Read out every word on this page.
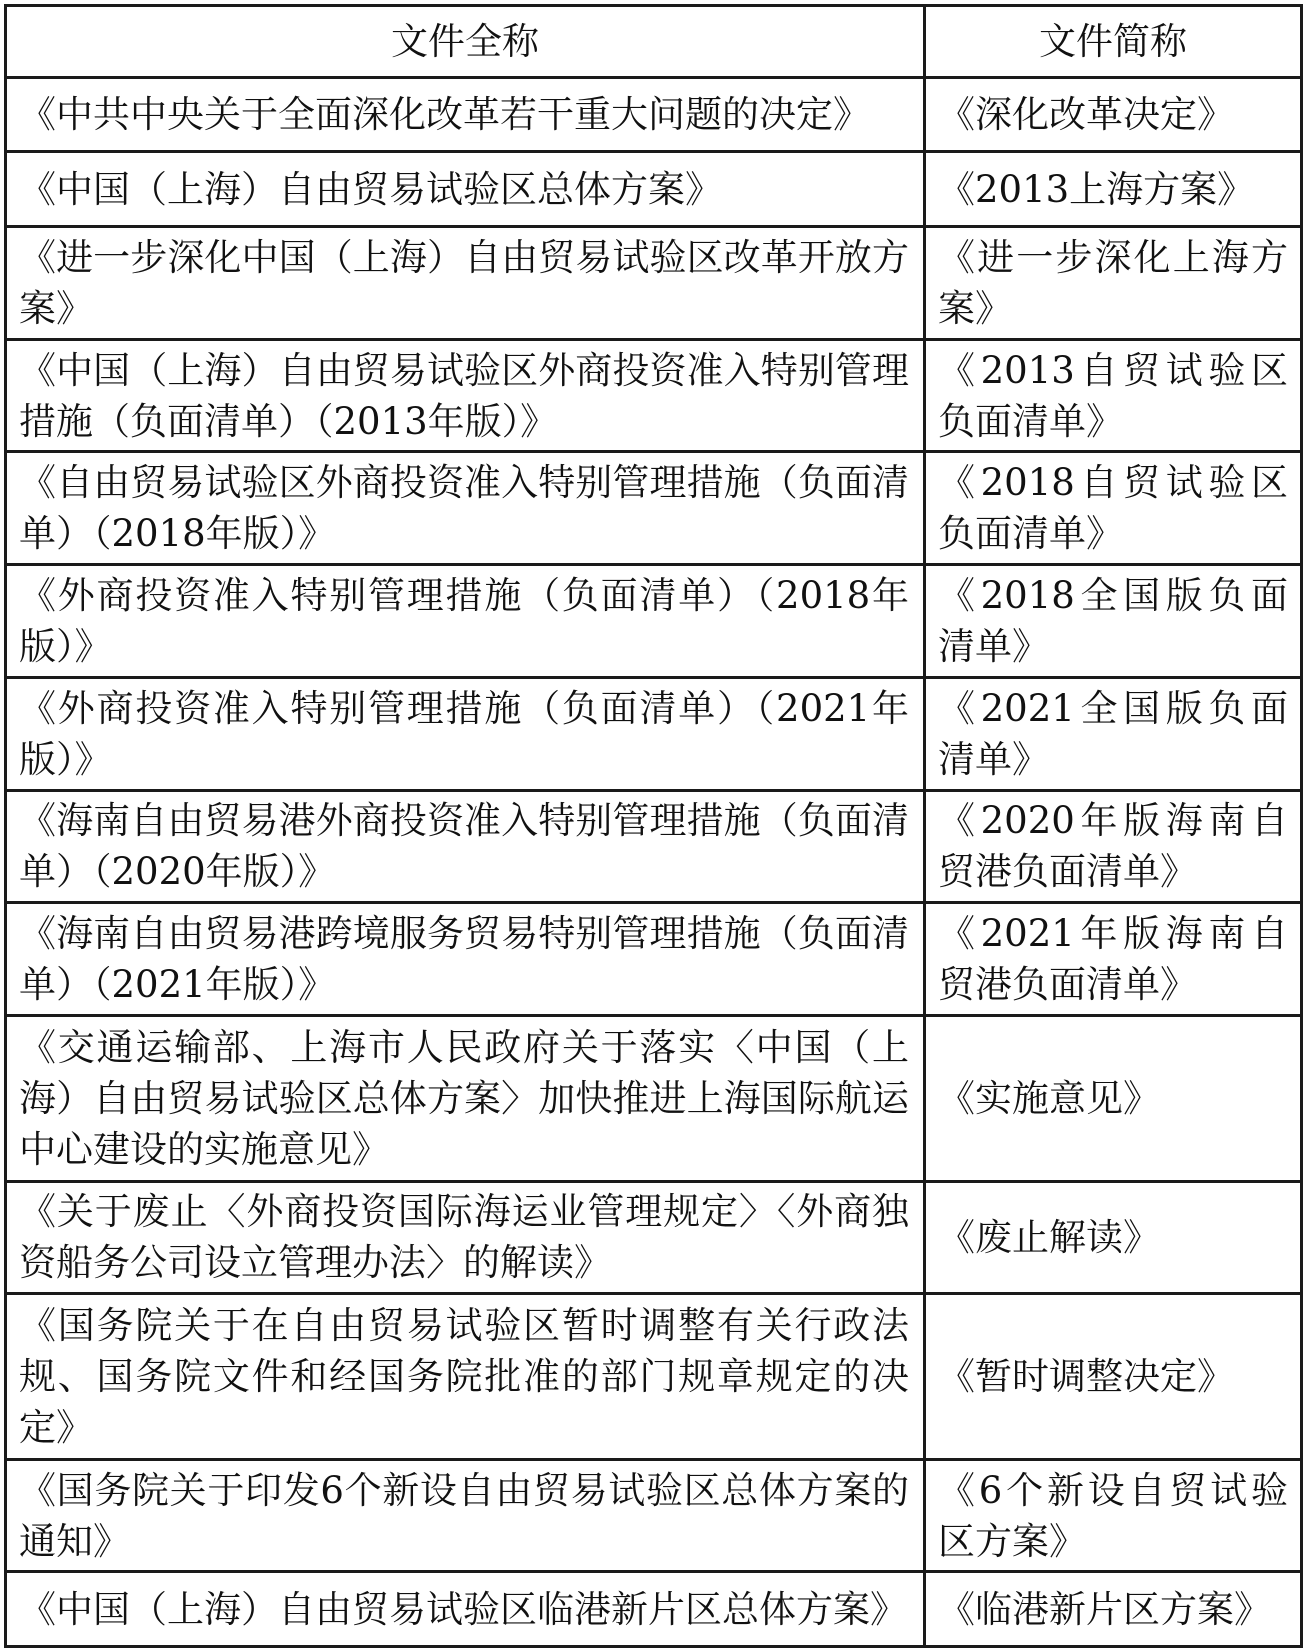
文件全称	文件简称
《中共中央关于全面深化改革若干重大问题的决定》	《深化改革决定》
《中国（上海）自由贸易试验区总体方案》	《2013上海方案》
《进一步深化中国（上海）自由贸易试验区改革开放方案》	《进一步深化上海方案》
《中国（上海）自由贸易试验区外商投资准入特别管理措施（负面清单）（2013年版）》	《2013自贸试验区负面清单》
《自由贸易试验区外商投资准入特别管理措施（负面清单）（2018年版）》	《2018自贸试验区负面清单》
《外商投资准入特别管理措施（负面清单）（2018年版）》	《2018全国版负面清单》
《外商投资准入特别管理措施（负面清单）（2021年版）》	《2021全国版负面清单》
《海南自由贸易港外商投资准入特别管理措施（负面清单）（2020年版）》	《2020年版海南自贸港负面清单》
《海南自由贸易港跨境服务贸易特别管理措施（负面清单）（2021年版）》	《2021年版海南自贸港负面清单》
《交通运输部、上海市人民政府关于落实〈中国（上海）自由贸易试验区总体方案〉加快推进上海国际航运中心建设的实施意见》	《实施意见》
《关于废止〈外商投资国际海运业管理规定〉〈外商独资船务公司设立管理办法〉的解读》	《废止解读》
《国务院关于在自由贸易试验区暂时调整有关行政法规、国务院文件和经国务院批准的部门规章规定的决定》	《暂时调整决定》
《国务院关于印发6个新设自由贸易试验区总体方案的通知》	《6个新设自贸试验区方案》
《中国（上海）自由贸易试验区临港新片区总体方案》	《临港新片区方案》
